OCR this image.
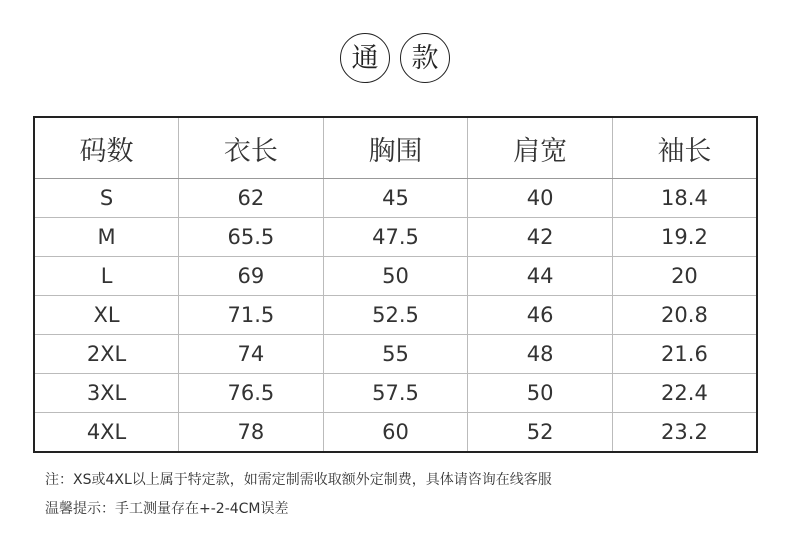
通	款
码数	衣长	胸围	肩宽	袖长
S	62	45	40	18.4
M	65.5	47.5	42	19.2
L	69	50	44	20
XL	71.5	52.5	46	20.8
2XL	74	55	48	21.6
3XL	76.5	57.5	50	22.4
4XL	78	60	52	23.2
注：XS或4XL以上属于特定款，如需定制需收取额外定制费，具体请咨询在线客服
温馨提示：手工测量存在+-2-4CM误差
